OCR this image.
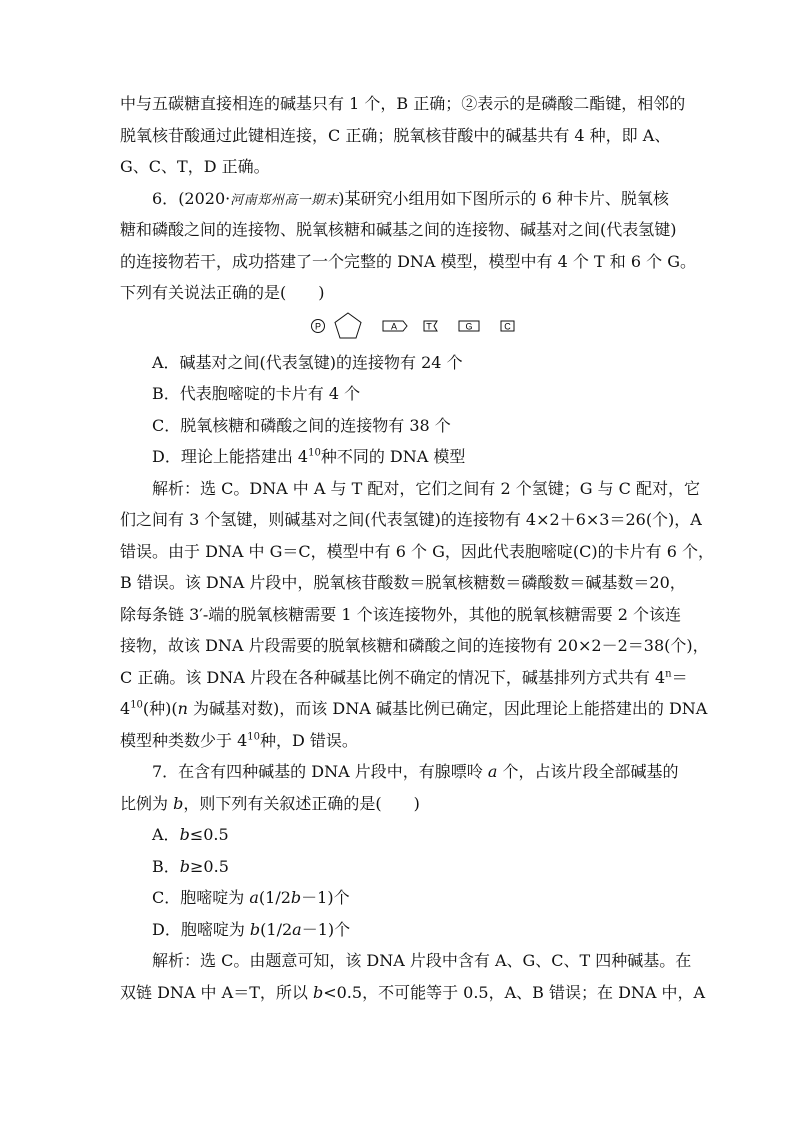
中与五碳糖直接相连的碱基只有 1 个，B 正确；②表示的是磷酸二酯键，相邻的
脱氧核苷酸通过此键相连接，C 正确；脱氧核苷酸中的碱基共有 4 种，即 A、
G、C、T，D 正确。
6．(2020·河南郑州高一期末)某研究小组用如下图所示的 6 种卡片、脱氧核
糖和磷酸之间的连接物、脱氧核糖和碱基之间的连接物、碱基对之间(代表氢键)
的连接物若干，成功搭建了一个完整的 DNA 模型，模型中有 4 个 T 和 6 个 G。
下列有关说法正确的是(　　)
P	A	T	G	C
A．碱基对之间(代表氢键)的连接物有 24 个
B．代表胞嘧啶的卡片有 4 个
C．脱氧核糖和磷酸之间的连接物有 38 个
D．理论上能搭建出 $4^{10}$种不同的 DNA 模型
解析：选 C。DNA 中 A 与 T 配对，它们之间有 2 个氢键；G 与 C 配对，它
们之间有 3 个氢键，则碱基对之间(代表氢键)的连接物有 4×2＋6×3＝26(个)，A
错误。由于 DNA 中 G＝C，模型中有 6 个 G，因此代表胞嘧啶(C)的卡片有 6 个，
B 错误。该 DNA 片段中，脱氧核苷酸数＝脱氧核糖数＝磷酸数＝碱基数＝20，
除每条链 3′-端的脱氧核糖需要 1 个该连接物外，其他的脱氧核糖需要 2 个该连
接物，故该 DNA 片段需要的脱氧核糖和磷酸之间的连接物有 20×2－2＝38(个)，
C 正确。该 DNA 片段在各种碱基比例不确定的情况下，碱基排列方式共有 $4^n=$
$4^{10}$(种)(n 为碱基对数)，而该 DNA 碱基比例已确定，因此理论上能搭建出的 DNA
模型种类数少于 $4^{10}$种，D 错误。
7．在含有四种碱基的 DNA 片段中，有腺嘌呤 a 个，占该片段全部碱基的
比例为 b，则下列有关叙述正确的是(　　)
A．b≤0.5
B．b≥0.5
C．胞嘧啶为 a(1/2b－1)个
D．胞嘧啶为 b(1/2a－1)个
解析：选 C。由题意可知，该 DNA 片段中含有 A、G、C、T 四种碱基。在
双链 DNA 中 A＝T，所以 b<0.5，不可能等于 0.5，A、B 错误；在 DNA 中，A
